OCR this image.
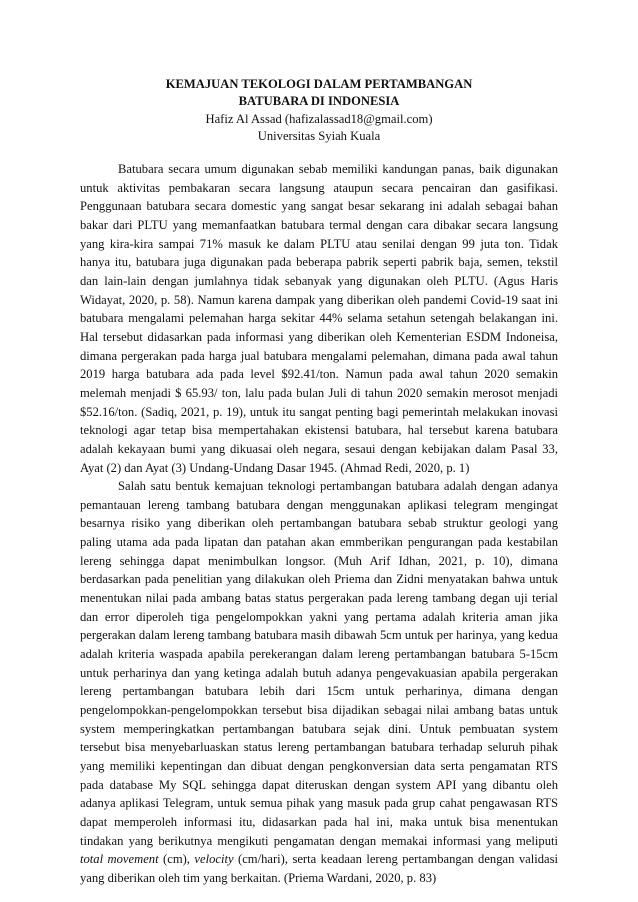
KEMAJUAN TEKOLOGI DALAM PERTAMBANGAN
BATUBARA DI INDONESIA
Hafiz Al Assad (hafizalassad18@gmail.com)
Universitas Syiah Kuala

Batubara secara umum digunakan sebab memiliki kandungan panas, baik digunakan untuk aktivitas pembakaran secara langsung ataupun secara pencairan dan gasifikasi. Penggunaan batubara secara domestic yang sangat besar sekarang ini adalah sebagai bahan bakar dari PLTU yang memanfaatkan batubara termal dengan cara dibakar secara langsung yang kira-kira sampai 71% masuk ke dalam PLTU atau senilai dengan 99 juta ton. Tidak hanya itu, batubara juga digunakan pada beberapa pabrik seperti pabrik baja, semen, tekstil dan lain-lain dengan jumlahnya tidak sebanyak yang digunakan oleh PLTU. (Agus Haris Widayat, 2020, p. 58). Namun karena dampak yang diberikan oleh pandemi Covid-19 saat ini batubara mengalami pelemahan harga sekitar 44% selama setahun setengah belakangan ini. Hal tersebut didasarkan pada informasi yang diberikan oleh Kementerian ESDM Indoneisa, dimana pergerakan pada harga jual batubara mengalami pelemahan, dimana pada awal tahun 2019 harga batubara ada pada level $92.41/ton. Namun pada awal tahun 2020 semakin melemah menjadi $ 65.93/ ton, lalu pada bulan Juli di tahun 2020 semakin merosot menjadi $52.16/ton. (Sadiq, 2021, p. 19), untuk itu sangat penting bagi pemerintah melakukan inovasi teknologi agar tetap bisa mempertahakan ekistensi batubara, hal tersebut karena batubara adalah kekayaan bumi yang dikuasai oleh negara, sesaui dengan kebijakan dalam Pasal 33, Ayat (2) dan Ayat (3) Undang-Undang Dasar 1945. (Ahmad Redi, 2020, p. 1)

Salah satu bentuk kemajuan teknologi pertambangan batubara adalah dengan adanya pemantauan lereng tambang batubara dengan menggunakan aplikasi telegram mengingat besarnya risiko yang diberikan oleh pertambangan batubara sebab struktur geologi yang paling utama ada pada lipatan dan patahan akan emmberikan pengurangan pada kestabilan lereng sehingga dapat menimbulkan longsor. (Muh Arif Idhan, 2021, p. 10), dimana berdasarkan pada penelitian yang dilakukan oleh Priema dan Zidni menyatakan bahwa untuk menentukan nilai pada ambang batas status pergerakan pada lereng tambang degan uji terial dan error diperoleh tiga pengelompokkan yakni yang pertama adalah kriteria aman jika pergerakan dalam lereng tambang batubara masih dibawah 5cm untuk per harinya, yang kedua adalah kriteria waspada apabila perekerangan dalam lereng pertambangan batubara 5-15cm untuk perharinya dan yang ketinga adalah butuh adanya pengevakuasian apabila pergerakan lereng pertambangan batubara lebih dari 15cm untuk perharinya, dimana dengan pengelompokkan-pengelompokkan tersebut bisa dijadikan sebagai nilai ambang batas untuk system memperingkatkan pertambangan batubara sejak dini. Untuk pembuatan system tersebut bisa menyebarluaskan status lereng pertambangan batubara terhadap seluruh pihak yang memiliki kepentingan dan dibuat dengan pengkonversian data serta pengamatan RTS pada database My SQL sehingga dapat diteruskan dengan system API yang dibantu oleh adanya aplikasi Telegram, untuk semua pihak yang masuk pada grup cahat pengawasan RTS dapat memperoleh informasi itu, didasarkan pada hal ini, maka untuk bisa menentukan tindakan yang berikutnya mengikuti pengamatan dengan memakai informasi yang meliputi total movement (cm), velocity (cm/hari), serta keadaan lereng pertambangan dengan validasi yang diberikan oleh tim yang berkaitan. (Priema Wardani, 2020, p. 83)
